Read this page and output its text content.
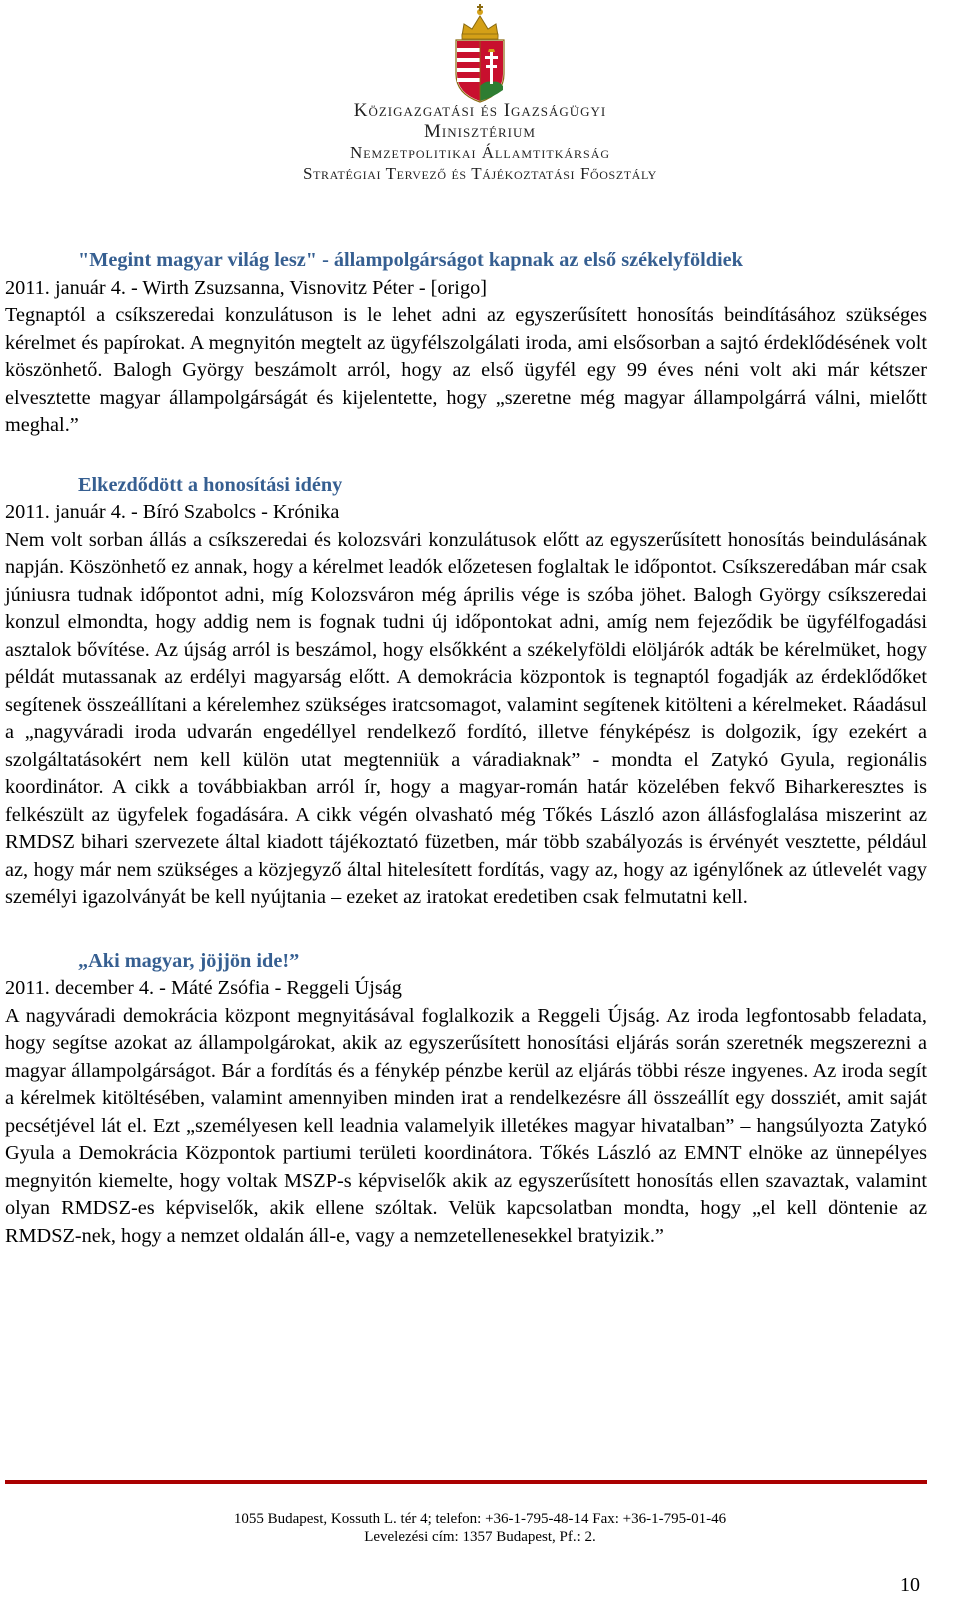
Közigazgatási és Igazságügyi
Minisztérium
Nemzetpolitikai Államtitkárság
Stratégiai Tervező és Tájékoztatási Főosztály

"Megint magyar világ lesz" - állampolgárságot kapnak az első székelyföldiek

2011. január 4. - Wirth Zsuzsanna, Visnovitz Péter - [origo]

Tegnaptól a csíkszeredai konzulátuson is le lehet adni az egyszerűsített honosítás beindításához szükséges kérelmet és papírokat. A megnyitón megtelt az ügyfélszolgálati iroda, ami elsősorban a sajtó érdeklődésének volt köszönhető. Balogh György beszámolt arról, hogy az első ügyfél egy 99 éves néni volt aki már kétszer elvesztette magyar állampolgárságát és kijelentette, hogy „szeretne még magyar állampolgárrá válni, mielőtt meghal.”

Elkezdődött a honosítási idény

2011. január 4. - Bíró Szabolcs - Krónika

Nem volt sorban állás a csíkszeredai és kolozsvári konzulátusok előtt az egyszerűsített honosítás beindulásának napján. Köszönhető ez annak, hogy a kérelmet leadók előzetesen foglaltak le időpontot. Csíkszeredában már csak júniusra tudnak időpontot adni, míg Kolozsváron még április vége is szóba jöhet. Balogh György csíkszeredai konzul elmondta, hogy addig nem is fognak tudni új időpontokat adni, amíg nem fejeződik be ügyfélfogadási asztalok bővítése. Az újság arról is beszámol, hogy elsőkként a székelyföldi elöljárók adták be kérelmüket, hogy példát mutassanak az erdélyi magyarság előtt. A demokrácia központok is tegnaptól fogadják az érdeklődőket segítenek összeállítani a kérelemhez szükséges iratcsomagot, valamint segítenek kitölteni a kérelmeket. Ráadásul a „nagyváradi iroda udvarán engedéllyel rendelkező fordító, illetve fényképész is dolgozik, így ezekért a szolgáltatásokért nem kell külön utat megtenniük a váradiaknak” - mondta el Zatykó Gyula, regionális koordinátor. A cikk a továbbiakban arról ír, hogy a magyar-román határ közelében fekvő Biharkeresztes is felkészült az ügyfelek fogadására. A cikk végén olvasható még Tőkés László azon állásfoglalása miszerint az RMDSZ bihari szervezete által kiadott tájékoztató füzetben, már több szabályozás is érvényét vesztette, például az, hogy már nem szükséges a közjegyző által hitelesített fordítás, vagy az, hogy az igénylőnek az útlevelét vagy személyi igazolványát be kell nyújtania – ezeket az iratokat eredetiben csak felmutatni kell.

„Aki magyar, jöjjön ide!”

2011. december 4. - Máté Zsófia - Reggeli Újság

A nagyváradi demokrácia központ megnyitásával foglalkozik a Reggeli Újság. Az iroda legfontosabb feladata, hogy segítse azokat az állampolgárokat, akik az egyszerűsített honosítási eljárás során szeretnék megszerezni a magyar állampolgárságot. Bár a fordítás és a fénykép pénzbe kerül az eljárás többi része ingyenes. Az iroda segít a kérelmek kitöltésében, valamint amennyiben minden irat a rendelkezésre áll összeállít egy dossziét, amit saját pecsétjével lát el. Ezt „személyesen kell leadnia valamelyik illetékes magyar hivatalban” – hangsúlyozta Zatykó Gyula a Demokrácia Központok partiumi területi koordinátora. Tőkés László az EMNT elnöke az ünnepélyes megnyitón kiemelte, hogy voltak MSZP-s képviselők akik az egyszerűsített honosítás ellen szavaztak, valamint olyan RMDSZ-es képviselők, akik ellene szóltak. Velük kapcsolatban mondta, hogy „el kell döntenie az RMDSZ-nek, hogy a nemzet oldalán áll-e, vagy a nemzetellenesekkel bratyizik.”

1055 Budapest, Kossuth L. tér 4; telefon: +36-1-795-48-14 Fax: +36-1-795-01-46
Levelezési cím: 1357 Budapest, Pf.: 2.
10
